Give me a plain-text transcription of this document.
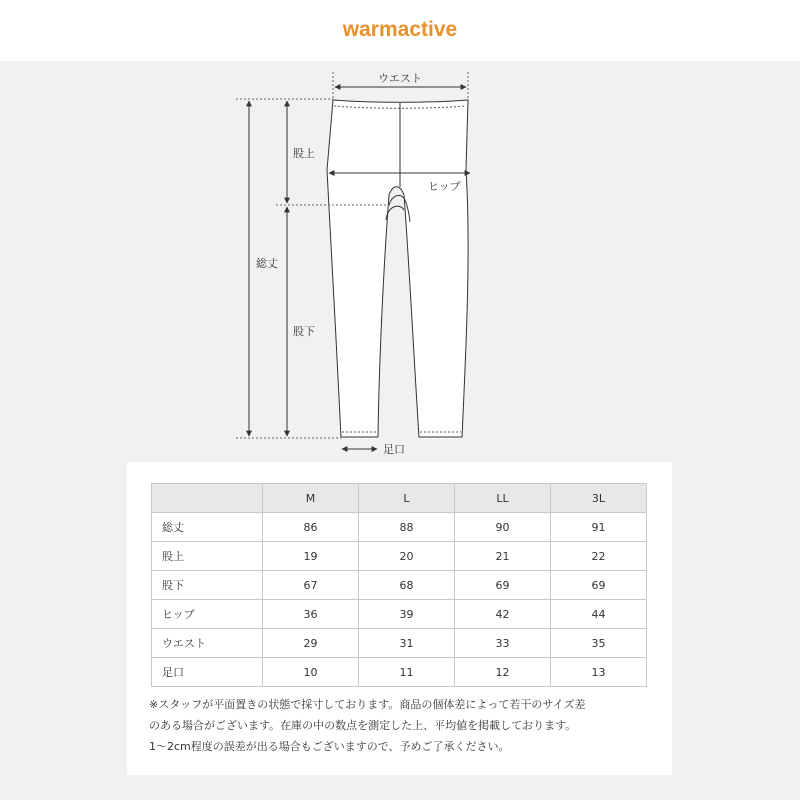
warmactive
ウエスト
総丈
股上
股下
ヒップ
足口
	M	L	LL	3L
総丈	86	88	90	91
股上	19	20	21	22
股下	67	68	69	69
ヒップ	36	39	42	44
ウエスト	29	31	33	35
足口	10	11	12	13
※スタッフが平面置きの状態で採寸しております。商品の個体差によって若干のサイズ差
のある場合がございます。在庫の中の数点を測定した上、平均値を掲載しております。
1〜2cm程度の誤差が出る場合もございますので、予めご了承ください。
